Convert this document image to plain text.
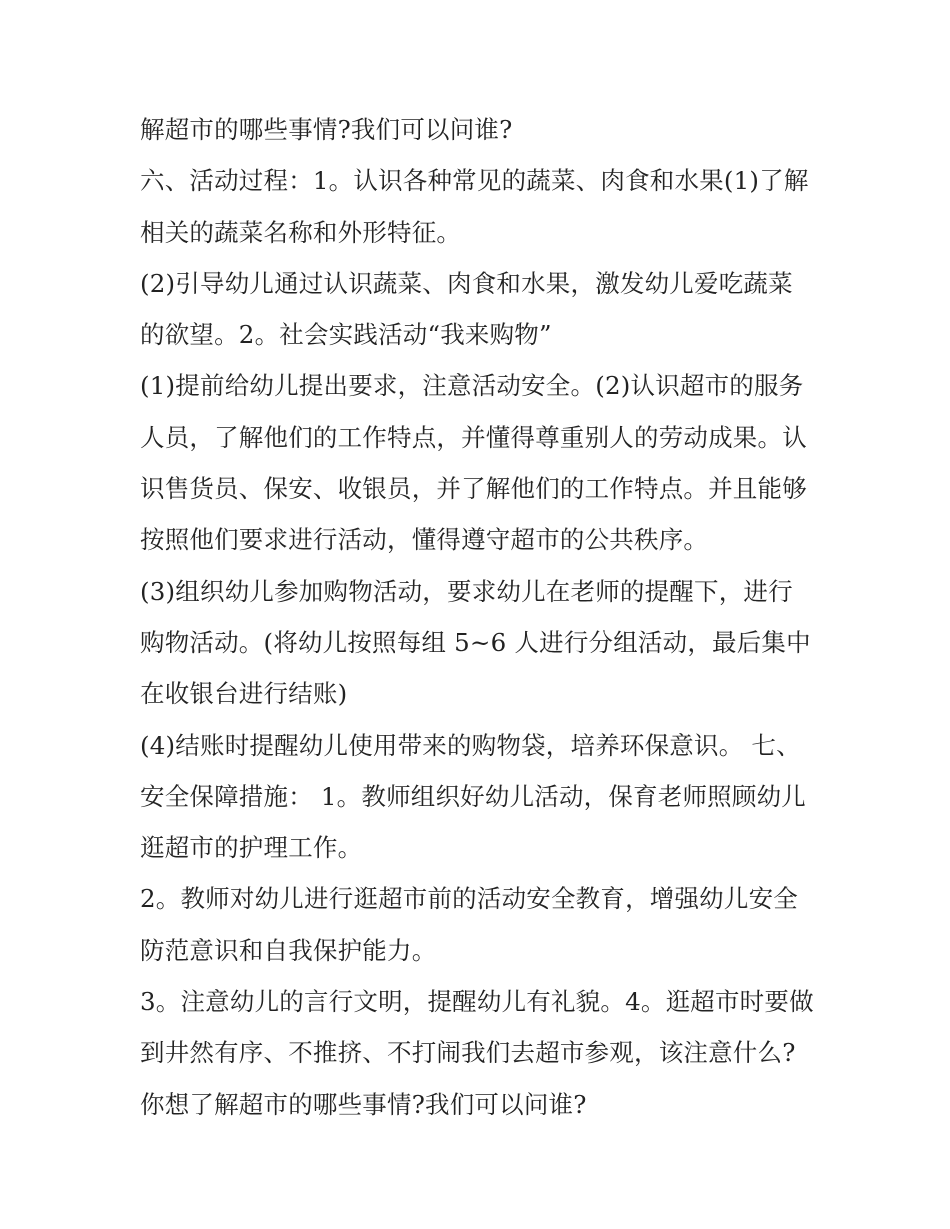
解超市的哪些事情?我们可以问谁?
六、活动过程：1。认识各种常见的蔬菜、肉食和水果(1)了解
相关的蔬菜名称和外形特征。
(2)引导幼儿通过认识蔬菜、肉食和水果，激发幼儿爱吃蔬菜
的欲望。2。社会实践活动“我来购物”
(1)提前给幼儿提出要求，注意活动安全。(2)认识超市的服务
人员，了解他们的工作特点，并懂得尊重别人的劳动成果。认
识售货员、保安、收银员，并了解他们的工作特点。并且能够
按照他们要求进行活动，懂得遵守超市的公共秩序。
(3)组织幼儿参加购物活动，要求幼儿在老师的提醒下，进行
购物活动。(将幼儿按照每组 5~6 人进行分组活动，最后集中
在收银台进行结账)
(4)结账时提醒幼儿使用带来的购物袋，培养环保意识。 七、
安全保障措施： 1。教师组织好幼儿活动，保育老师照顾幼儿
逛超市的护理工作。
2。教师对幼儿进行逛超市前的活动安全教育，增强幼儿安全
防范意识和自我保护能力。
3。注意幼儿的言行文明，提醒幼儿有礼貌。4。逛超市时要做
到井然有序、不推挤、不打闹我们去超市参观，该注意什么?
你想了解超市的哪些事情?我们可以问谁?
